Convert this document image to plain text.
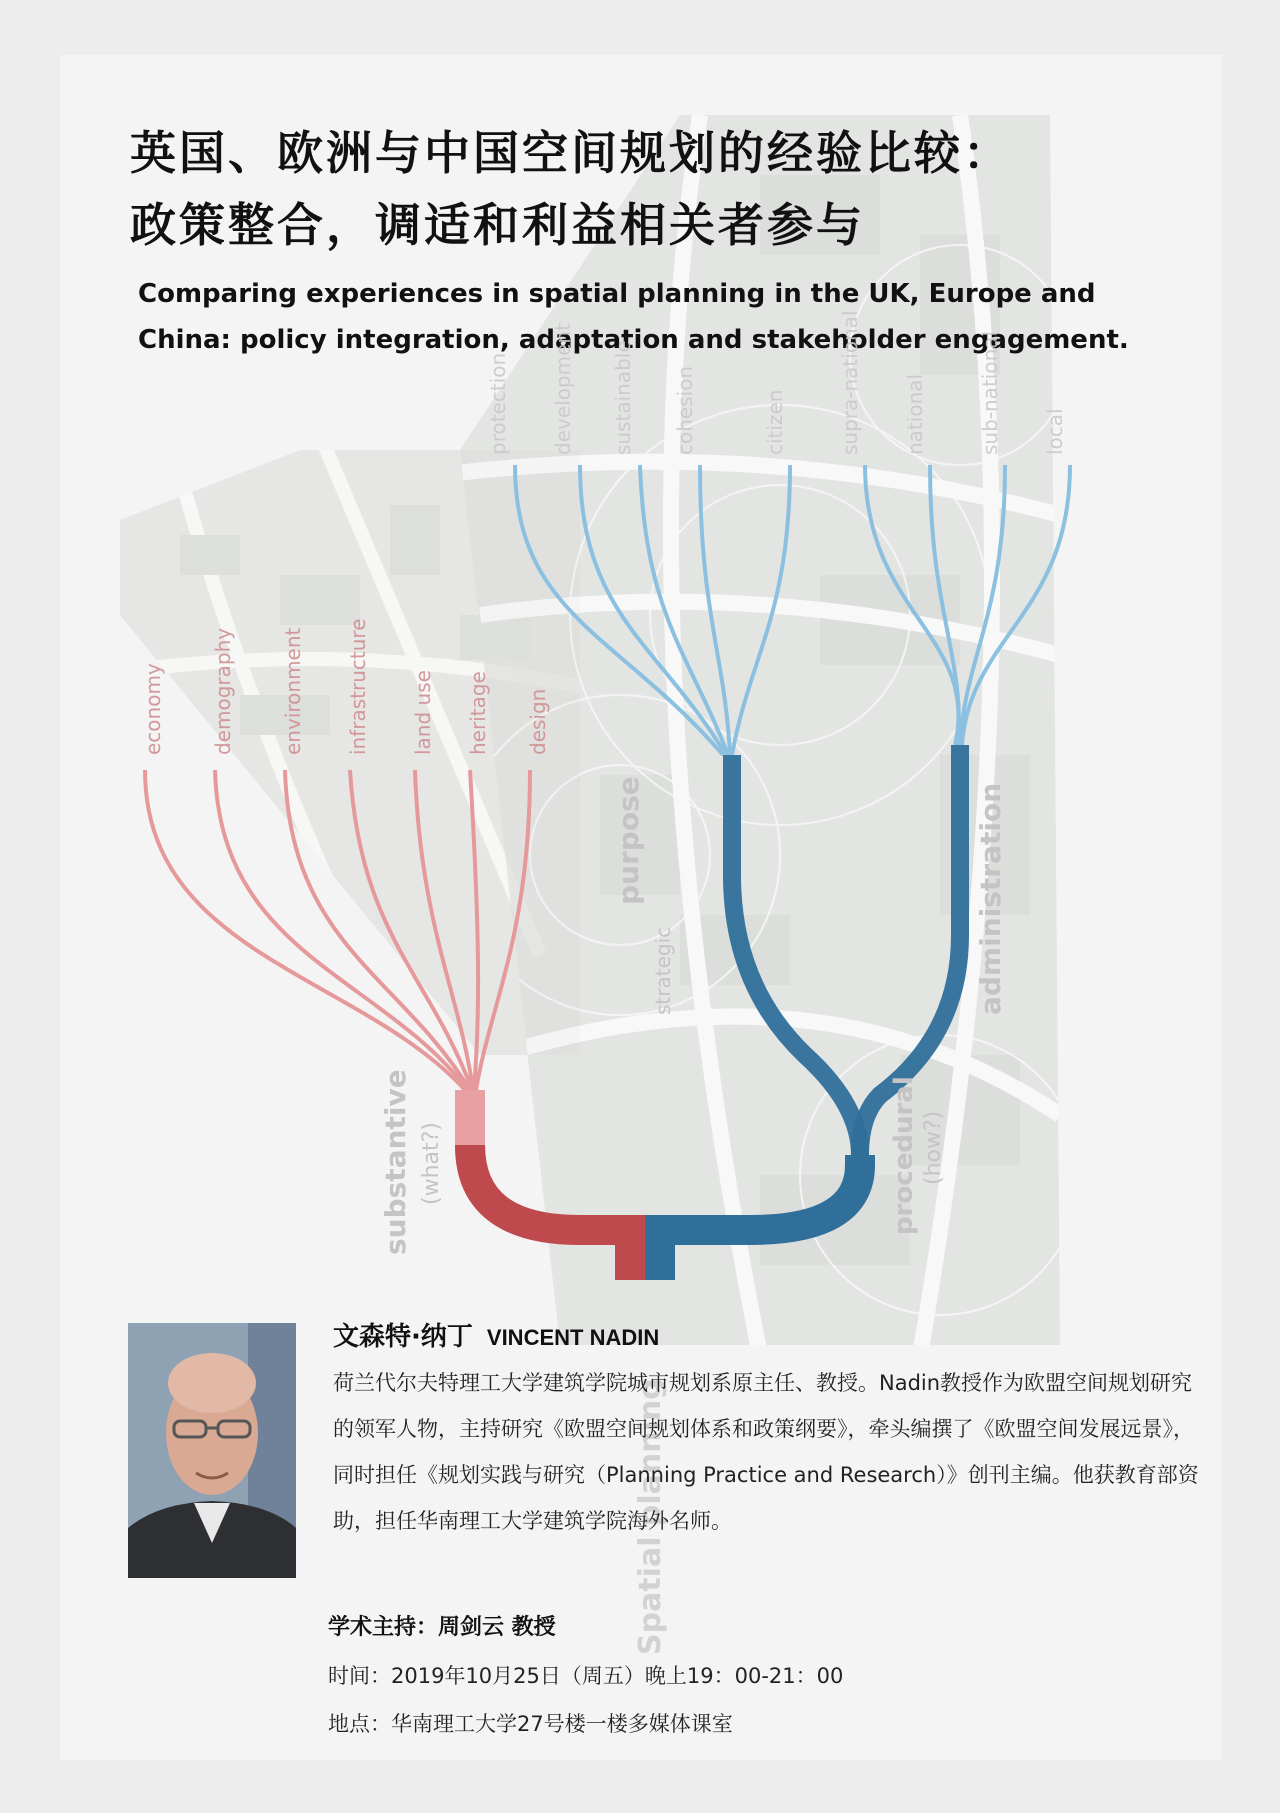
英国、欧洲与中国空间规划的经验比较：
政策整合，调适和利益相关者参与
Comparing experiences in spatial planning in the UK, Europe and
China: policy integration, adaptation and stakeholder engagement.
economy demography environment infrastructure land use heritage design
protection development sustainable cohesion	citizen	supra-national national	sub-national local
substantive (what?)	procedural (how?)
purpose
strategic	administration
Spatial planning
文森特·纳丁 VINCENT NADIN

荷兰代尔夫特理工大学建筑学院城市规划系原主任、教授。Nadin教授作为欧盟空间规划研究的领军人物，主持研究《欧盟空间规划体系和政策纲要》，牵头编撰了《欧盟空间发展远景》，同时担任《规划实践与研究（Planning Practice and Research）》创刊主编。他获教育部资助，担任华南理工大学建筑学院海外名师。

学术主持：周剑云 教授
时间：2019年10月25日（周五）晚上19：00-21：00
地点：华南理工大学27号楼一楼多媒体课室
